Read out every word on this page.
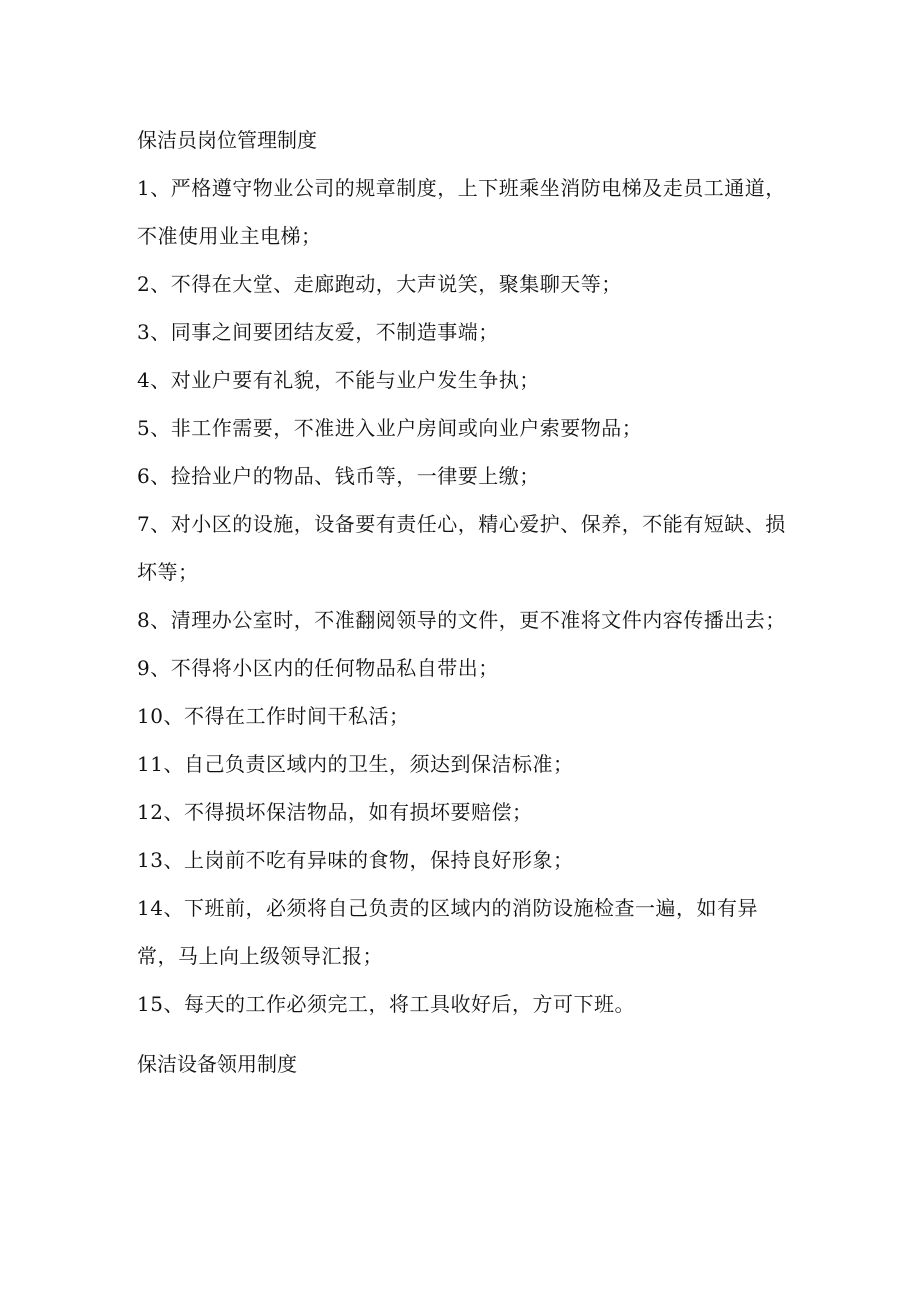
保洁员岗位管理制度

1、严格遵守物业公司的规章制度，上下班乘坐消防电梯及走员工通道，不准使用业主电梯；

2、不得在大堂、走廊跑动，大声说笑，聚集聊天等；

3、同事之间要团结友爱，不制造事端；

4、对业户要有礼貌，不能与业户发生争执；

5、非工作需要，不准进入业户房间或向业户索要物品；

6、捡拾业户的物品、钱币等，一律要上缴；

7、对小区的设施，设备要有责任心，精心爱护、保养，不能有短缺、损坏等；

8、清理办公室时，不准翻阅领导的文件，更不准将文件内容传播出去；

9、不得将小区内的任何物品私自带出；

10、不得在工作时间干私活；

11、自己负责区域内的卫生，须达到保洁标准；

12、不得损坏保洁物品，如有损坏要赔偿；

13、上岗前不吃有异味的食物，保持良好形象；

14、下班前，必须将自己负责的区域内的消防设施检查一遍，如有异常，马上向上级领导汇报；

15、每天的工作必须完工，将工具收好后，方可下班。

保洁设备领用制度
